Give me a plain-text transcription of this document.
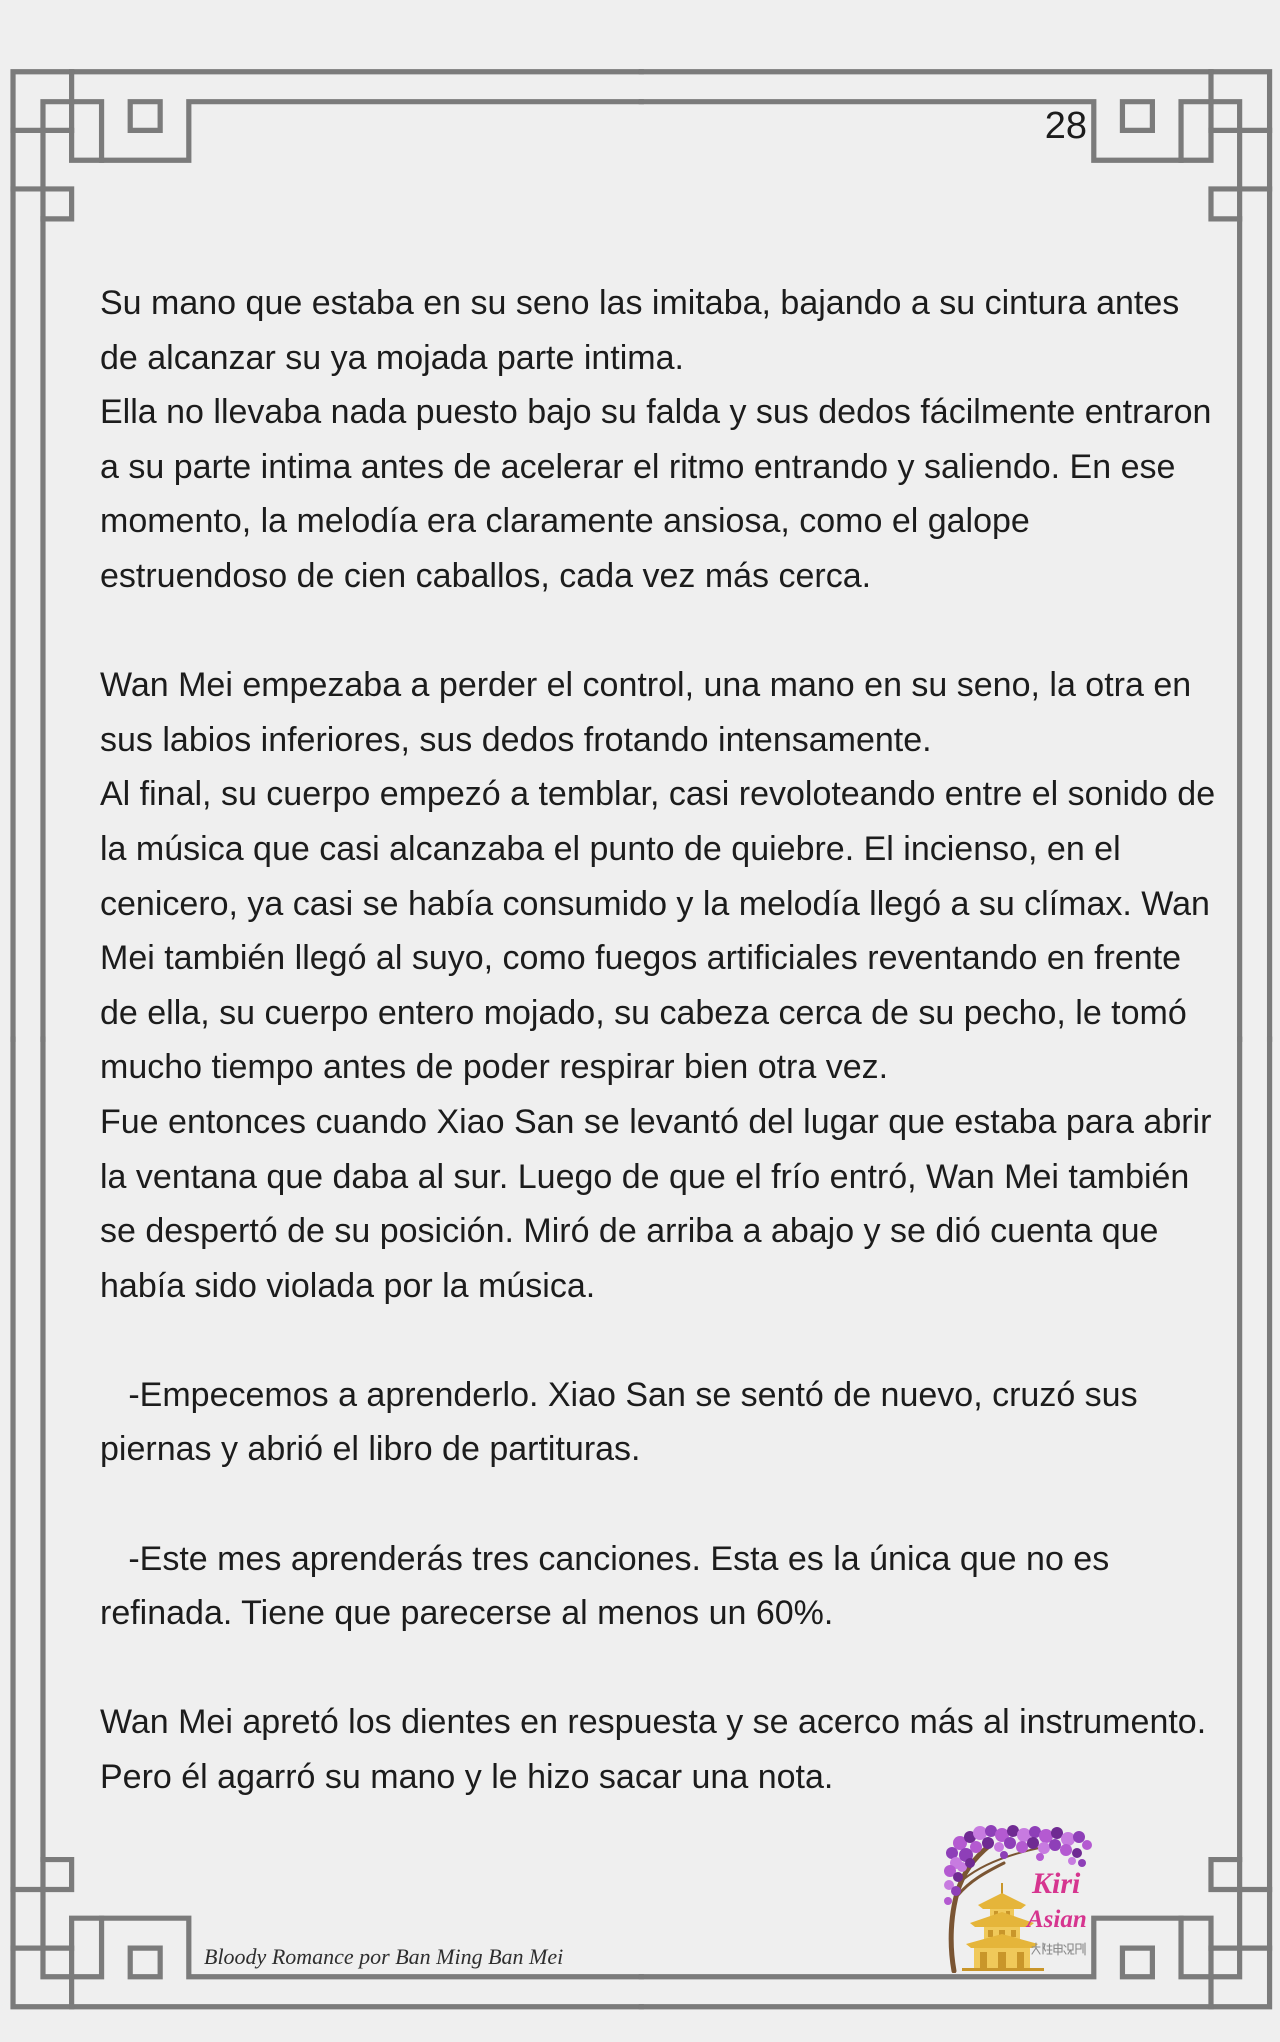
28
Su mano que estaba en su seno las imitaba, bajando a su cintura antes
de alcanzar su ya mojada parte intima.
Ella no llevaba nada puesto bajo su falda y sus dedos fácilmente entraron
a su parte intima antes de acelerar el ritmo entrando y saliendo. En ese
momento, la melodía era claramente ansiosa, como el galope
estruendoso de cien caballos, cada vez más cerca.
Wan Mei empezaba a perder el control, una mano en su seno, la otra en
sus labios inferiores, sus dedos frotando intensamente.
Al final, su cuerpo empezó a temblar, casi revoloteando entre el sonido de
la música que casi alcanzaba el punto de quiebre. El incienso, en el
cenicero, ya casi se había consumido y la melodía llegó a su clímax. Wan
Mei también llegó al suyo, como fuegos artificiales reventando en frente
de ella, su cuerpo entero mojado, su cabeza cerca de su pecho, le tomó
mucho tiempo antes de poder respirar bien otra vez.
Fue entonces cuando Xiao San se levantó del lugar que estaba para abrir
la ventana que daba al sur. Luego de que el frío entró, Wan Mei también
se despertó de su posición. Miró de arriba a abajo y se dió cuenta que
había sido violada por la música.
-Empecemos a aprenderlo. Xiao San se sentó de nuevo, cruzó sus
piernas y abrió el libro de partituras.
-Este mes aprenderás tres canciones. Esta es la única que no es
refinada. Tiene que parecerse al menos un 60%.
Wan Mei apretó los dientes en respuesta y se acerco más al instrumento.
Pero él agarró su mano y le hizo sacar una nota.
Bloody Romance por Ban Ming Ban Mei
Kiri
Asian
